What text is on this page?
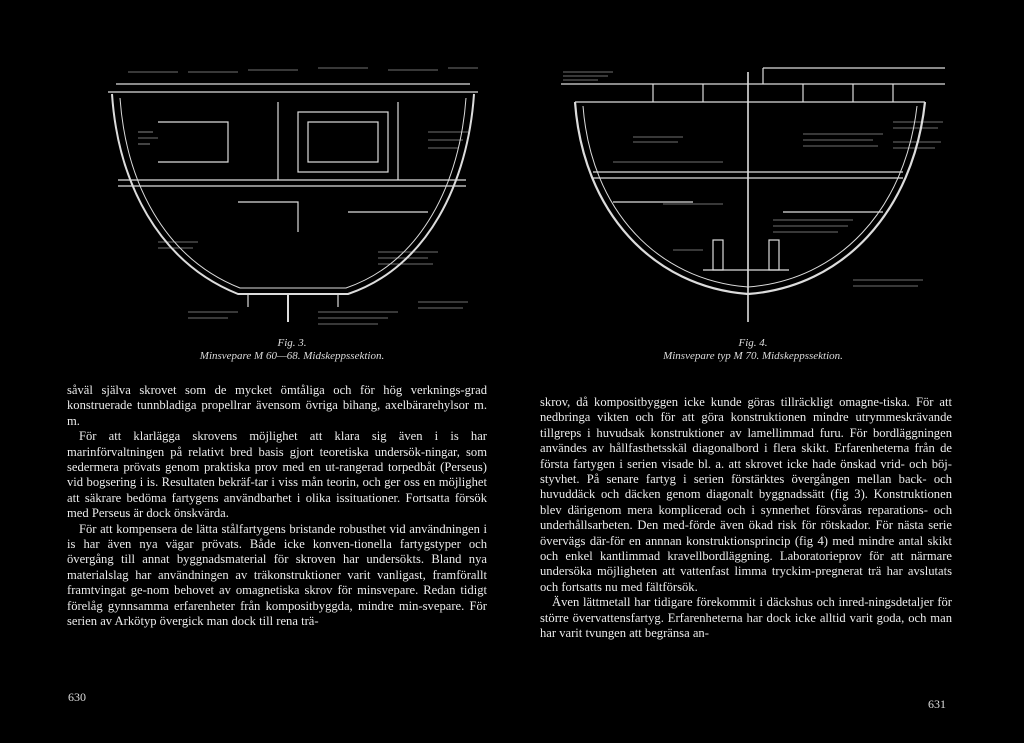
Fig. 3.
Minsvepare M 60—68. Midskeppssektion.

såväl själva skrovet som de mycket ömtåliga och för hög verknings-grad konstruerade tunnbladiga propellrar ävensom övriga bihang, axelbärarehylsor m. m.

För att klarlägga skrovens möjlighet att klara sig även i is har marinförvaltningen på relativt bred basis gjort teoretiska undersök-ningar, som sedermera prövats genom praktiska prov med en ut-rangerad torpedbåt (Perseus) vid bogsering i is. Resultaten bekräf-tar i viss mån teorin, och ger oss en möjlighet att säkrare bedöma fartygens användbarhet i olika issituationer. Fortsatta försök med Perseus är dock önskvärda.

För att kompensera de lätta stålfartygens bristande robusthet vid användningen i is har även nya vägar prövats. Både icke konven-tionella fartygstyper och övergång till annat byggnadsmaterial för skroven har undersökts. Bland nya materialslag har användningen av träkonstruktioner varit vanligast, framförallt framtvingat ge-nom behovet av omagnetiska skrov för minsvepare. Redan tidigt förelåg gynnsamma erfarenheter från kompositbyggda, mindre min-svepare. För serien av Arkötyp övergick man dock till rena trä-

630
Fig. 4.
Minsvepare typ M 70. Midskeppssektion.

skrov, då kompositbyggen icke kunde göras tillräckligt omagne-tiska. För att nedbringa vikten och för att göra konstruktionen mindre utrymmeskrävande tillgreps i huvudsak konstruktioner av lamellimmad furu. För bordläggningen användes av hållfasthetsskäl diagonalbord i flera skikt. Erfarenheterna från de första fartygen i serien visade bl. a. att skrovet icke hade önskad vrid- och böj-styvhet. På senare fartyg i serien förstärktes övergången mellan back- och huvuddäck och däcken genom diagonalt byggnadssätt (fig 3). Konstruktionen blev därigenom mera komplicerad och i synnerhet försvåras reparations- och underhållsarbeten. Den med-förde även ökad risk för rötskador. För nästa serie övervägs där-för en annnan konstruktionsprincip (fig 4) med mindre antal skikt och enkel kantlimmad kravellbordläggning. Laboratorieprov för att närmare undersöka möjligheten att vattenfast limma tryckim-pregnerat trä har avslutats och fortsatts nu med fältförsök.

Även lättmetall har tidigare förekommit i däckshus och inred-ningsdetaljer för större övervattensfartyg. Erfarenheterna har dock icke alltid varit goda, och man har varit tvungen att begränsa an-

631
